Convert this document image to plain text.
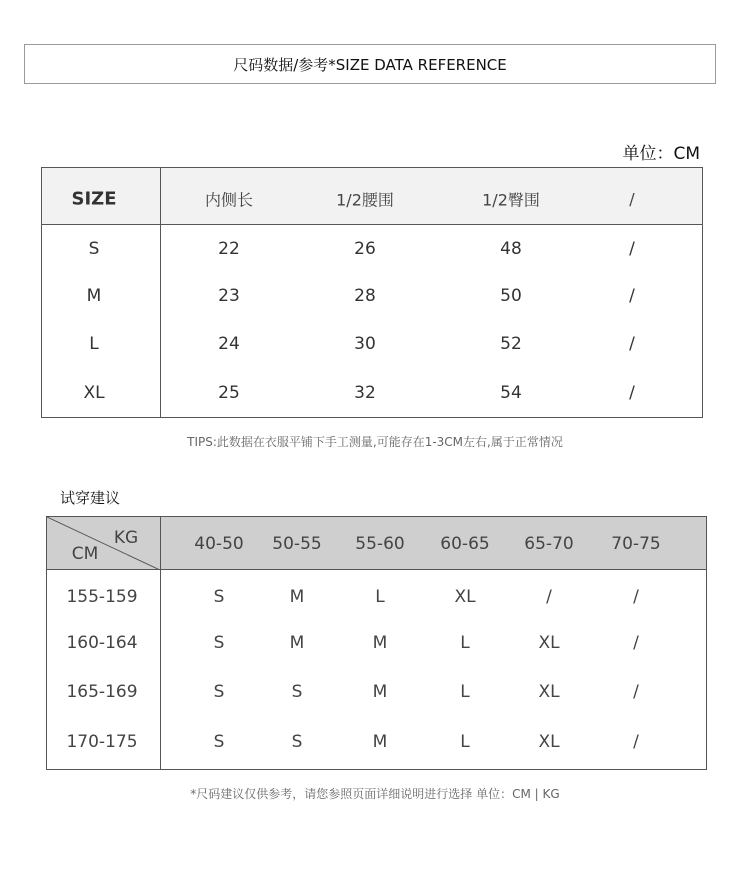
尺码数据/参考*SIZE DATA REFERENCE
单位：CM
SIZE	内侧长	1/2腰围	1/2臀围	/
S	22	26	48	/
M	23	28	50	/
L	24	30	52	/
XL	25	32	54	/
TIPS:此数据在衣服平铺下手工测量,可能存在1-3CM左右,属于正常情况
试穿建议
KG
CM	40-50 50-55 55-60 60-65 65-70 70-75
155-159	S	M	L	XL	/	/
160-164	S	M	M	L	XL	/
165-169	S	S	M	L	XL	/
170-175	S	S	M	L	XL	/
*尺码建议仅供参考，请您参照页面详细说明进行选择 单位：CM | KG
